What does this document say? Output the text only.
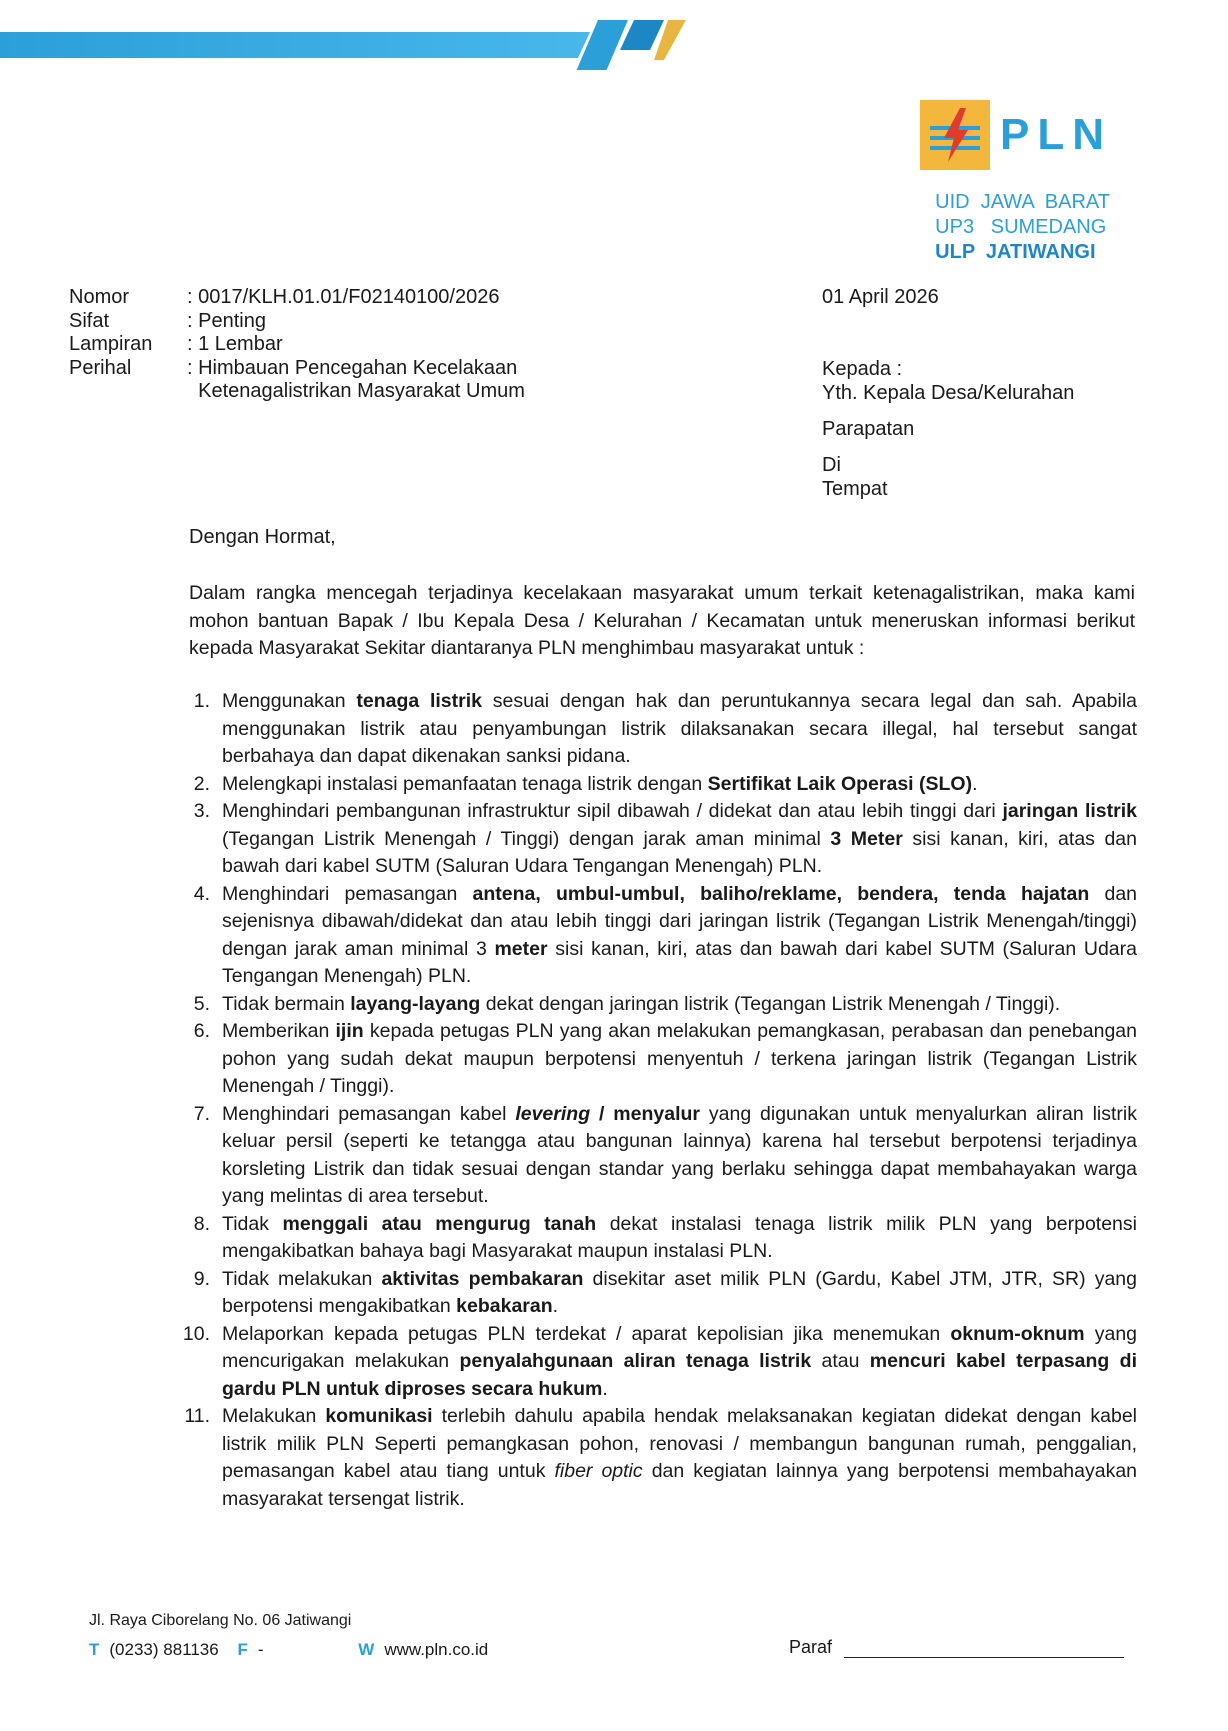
PLN
UID  JAWA  BARAT
UP3   SUMEDANG
ULP  JATIWANGI
Nomor	: 0017/KLH.01.01/F02140100/2026
Sifat	: Penting
Lampiran	: 1 Lembar
Perihal	: Himbauan Pencegahan Kecelakaan
Ketenagalistrikan Masyarakat Umum
01 April 2026
Kepada :
Yth. Kepala Desa/Kelurahan
Parapatan
Di
Tempat
Dengan Hormat,
Dalam rangka mencegah terjadinya kecelakaan masyarakat umum terkait ketenagalistrikan, maka kami mohon bantuan Bapak / Ibu Kepala Desa / Kelurahan / Kecamatan untuk meneruskan informasi berikut kepada Masyarakat Sekitar diantaranya PLN menghimbau masyarakat untuk :
1. Menggunakan tenaga listrik sesuai dengan hak dan peruntukannya secara legal dan sah. Apabila menggunakan listrik atau penyambungan listrik dilaksanakan secara illegal, hal tersebut sangat berbahaya dan dapat dikenakan sanksi pidana.
2. Melengkapi instalasi pemanfaatan tenaga listrik dengan Sertifikat Laik Operasi (SLO).
3. Menghindari pembangunan infrastruktur sipil dibawah / didekat dan atau lebih tinggi dari jaringan listrik (Tegangan Listrik Menengah / Tinggi) dengan jarak aman minimal 3 Meter sisi kanan, kiri, atas dan bawah dari kabel SUTM (Saluran Udara Tengangan Menengah) PLN.
4. Menghindari pemasangan antena, umbul-umbul, baliho/reklame, bendera, tenda hajatan dan sejenisnya dibawah/didekat dan atau lebih tinggi dari jaringan listrik (Tegangan Listrik Menengah/tinggi) dengan jarak aman minimal 3 meter sisi kanan, kiri, atas dan bawah dari kabel SUTM (Saluran Udara Tengangan Menengah) PLN.
5. Tidak bermain layang-layang dekat dengan jaringan listrik (Tegangan Listrik Menengah / Tinggi).
6. Memberikan ijin kepada petugas PLN yang akan melakukan pemangkasan, perabasan dan penebangan pohon yang sudah dekat maupun berpotensi menyentuh / terkena jaringan listrik (Tegangan Listrik Menengah / Tinggi).
7. Menghindari pemasangan kabel levering / menyalur yang digunakan untuk menyalurkan aliran listrik keluar persil (seperti ke tetangga atau bangunan lainnya) karena hal tersebut berpotensi terjadinya korsleting Listrik dan tidak sesuai dengan standar yang berlaku sehingga dapat membahayakan warga yang melintas di area tersebut.
8. Tidak menggali atau mengurug tanah dekat instalasi tenaga listrik milik PLN yang berpotensi mengakibatkan bahaya bagi Masyarakat maupun instalasi PLN.
9. Tidak melakukan aktivitas pembakaran disekitar aset milik PLN (Gardu, Kabel JTM, JTR, SR) yang berpotensi mengakibatkan kebakaran.
10. Melaporkan kepada petugas PLN terdekat / aparat kepolisian jika menemukan oknum-oknum yang mencurigakan melakukan penyalahgunaan aliran tenaga listrik atau mencuri kabel terpasang di gardu PLN untuk diproses secara hukum.
11. Melakukan komunikasi terlebih dahulu apabila hendak melaksanakan kegiatan didekat dengan kabel listrik milik PLN Seperti pemangkasan pohon, renovasi / membangun bangunan rumah, penggalian, pemasangan kabel atau tiang untuk fiber optic dan kegiatan lainnya yang berpotensi membahayakan masyarakat tersengat listrik.
Jl. Raya Ciborelang No. 06 Jatiwangi
T (0233) 881136 F -	W www.pln.co.id	Paraf
